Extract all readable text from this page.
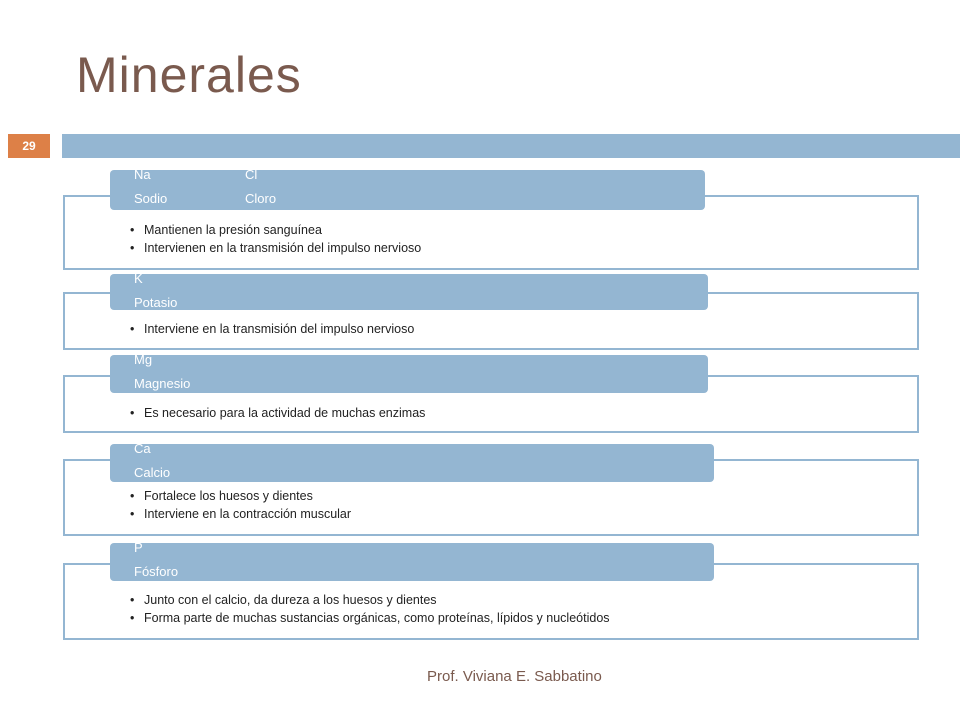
Minerales
29
Na
Sodio
Cl
Cloro
• Mantienen la presión sanguínea
• Intervienen en la transmisión del impulso nervioso
K
Potasio
• Interviene en la transmisión del impulso nervioso
Mg
Magnesio
• Es necesario para la actividad de muchas enzimas
Ca
Calcio
• Fortalece los huesos y dientes
• Interviene en la contracción muscular
P
Fósforo
• Junto con el calcio, da dureza a los huesos y dientes
• Forma parte de muchas sustancias orgánicas, como proteínas, lípidos y nucleótidos
Prof. Viviana E. Sabbatino
